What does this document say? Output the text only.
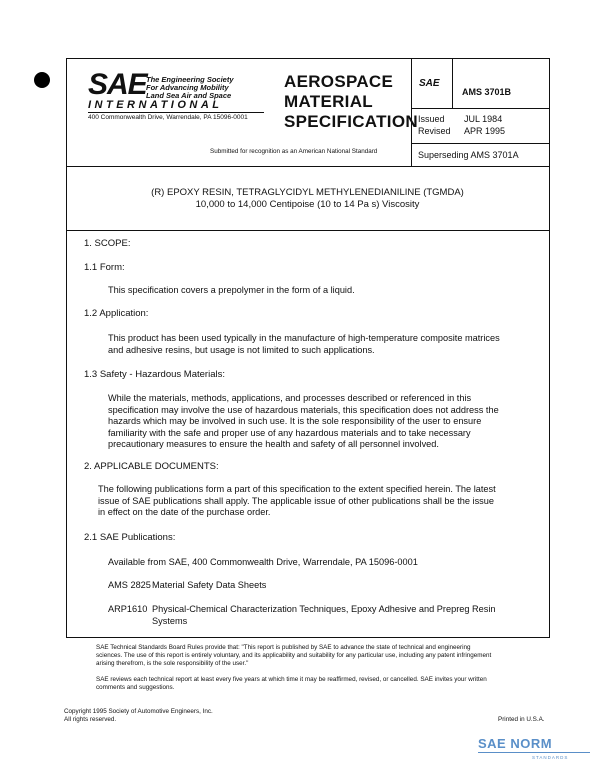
SAE The Engineering Society
For Advancing Mobility
Land Sea Air and Space
INTERNATIONAL
400 Commonwealth Drive, Warrendale, PA 15096-0001
AEROSPACE
MATERIAL
SPECIFICATION
Submitted for recognition as an American National Standard
SAE
AMS 3701B
Issued JUL 1984
Revised APR 1995
Superseding AMS 3701A
(R) EPOXY RESIN, TETRAGLYCIDYL METHYLENEDIANILINE (TGMDA)
10,000 to 14,000 Centipoise (10 to 14 Pa s) Viscosity
1. SCOPE:
1.1 Form:
This specification covers a prepolymer in the form of a liquid.
1.2 Application:
This product has been used typically in the manufacture of high-temperature composite matrices
and adhesive resins, but usage is not limited to such applications.
1.3 Safety - Hazardous Materials:
While the materials, methods, applications, and processes described or referenced in this
specification may involve the use of hazardous materials, this specification does not address the
hazards which may be involved in such use. It is the sole responsibility of the user to ensure
familiarity with the safe and proper use of any hazardous materials and to take necessary
precautionary measures to ensure the health and safety of all personnel involved.
2. APPLICABLE DOCUMENTS:
The following publications form a part of this specification to the extent specified herein. The latest
issue of SAE publications shall apply. The applicable issue of other publications shall be the issue
in effect on the date of the purchase order.
2.1 SAE Publications:
Available from SAE, 400 Commonwealth Drive, Warrendale, PA 15096-0001
AMS 2825 Material Safety Data Sheets
ARP1610 Physical-Chemical Characterization Techniques, Epoxy Adhesive and Prepreg Resin
Systems
SAE Technical Standards Board Rules provide that: "This report is published by SAE to advance the state of technical and engineering
sciences. The use of this report is entirely voluntary, and its applicability and suitability for any particular use, including any patent infringement
arising therefrom, is the sole responsibility of the user."
SAE reviews each technical report at least every five years at which time it may be reaffirmed, revised, or cancelled. SAE invites your written
comments and suggestions.
Copyright 1995 Society of Automotive Engineers, Inc.
All rights reserved.	Printed in U.S.A.
SAE NORM
STANDARDS
